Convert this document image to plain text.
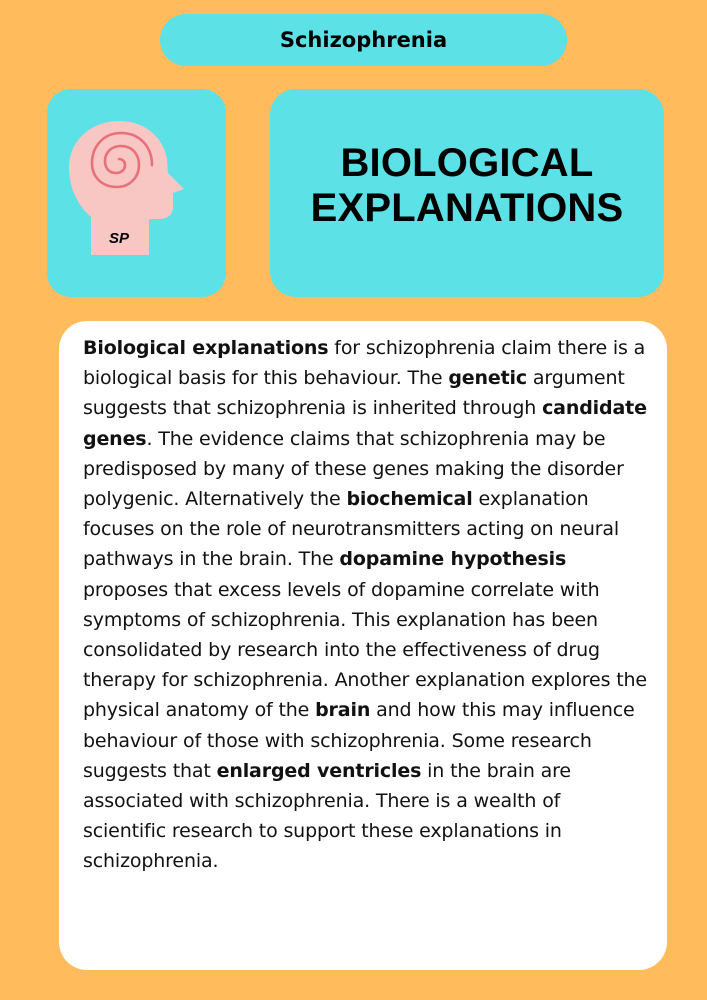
Schizophrenia
SP
BIOLOGICAL
EXPLANATIONS

Biological explanations for schizophrenia claim there is a biological basis for this behaviour. The genetic argument suggests that schizophrenia is inherited through candidate genes. The evidence claims that schizophrenia may be predisposed by many of these genes making the disorder polygenic. Alternatively the biochemical explanation focuses on the role of neurotransmitters acting on neural pathways in the brain. The dopamine hypothesis proposes that excess levels of dopamine correlate with symptoms of schizophrenia. This explanation has been consolidated by research into the effectiveness of drug therapy for schizophrenia. Another explanation explores the physical anatomy of the brain and how this may influence behaviour of those with schizophrenia. Some research suggests that enlarged ventricles in the brain are associated with schizophrenia. There is a wealth of scientific research to support these explanations in schizophrenia.
